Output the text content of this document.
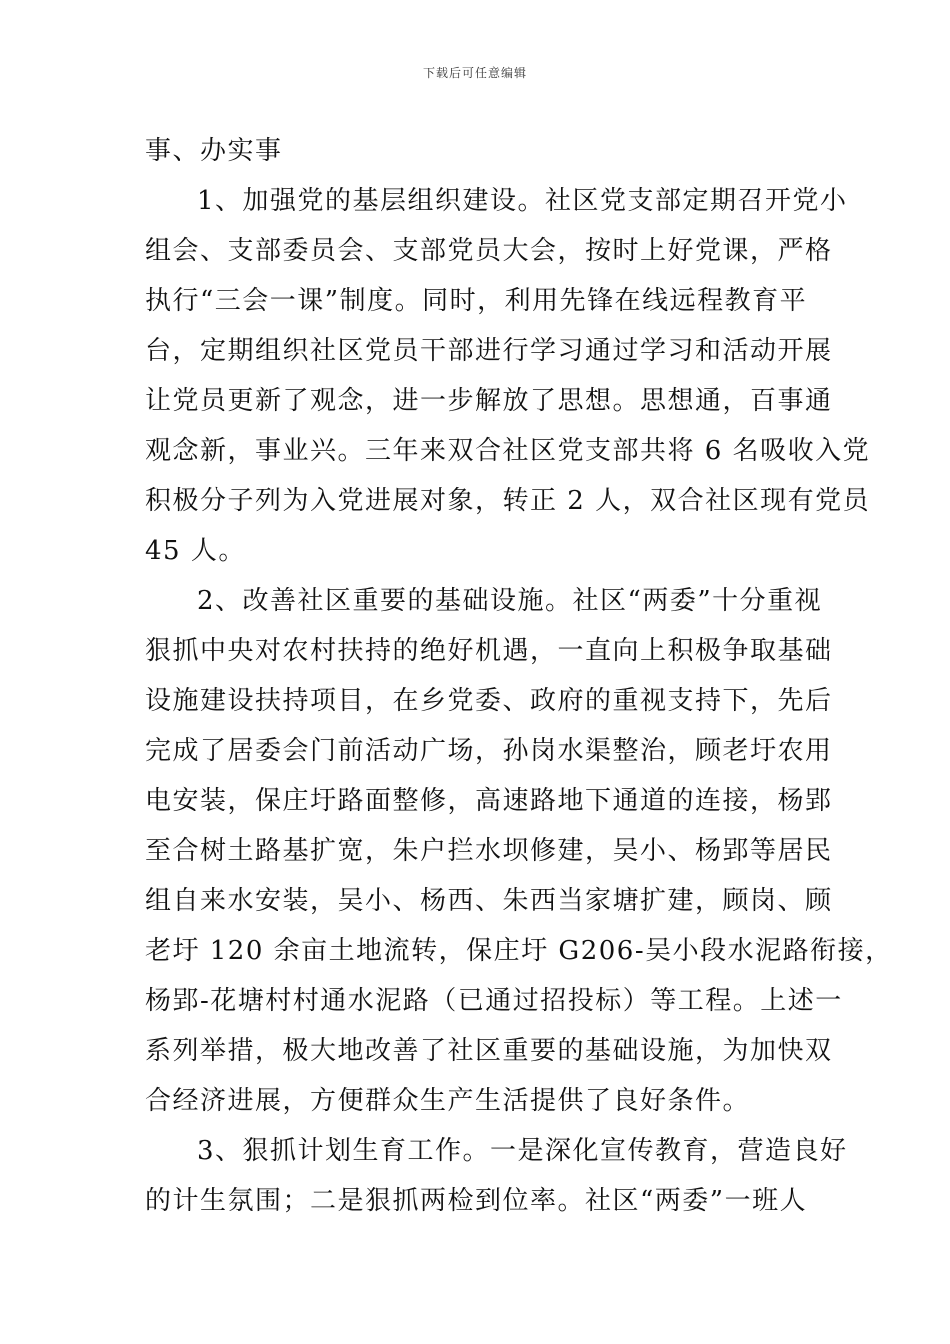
下载后可任意编辑
事、办实事
1、加强党的基层组织建设。社区党支部定期召开党小
组会、支部委员会、支部党员大会，按时上好党课，严格
执行“三会一课”制度。同时，利用先锋在线远程教育平
台，定期组织社区党员干部进行学习通过学习和活动开展
让党员更新了观念，进一步解放了思想。思想通，百事通
观念新，事业兴。三年来双合社区党支部共将 6 名吸收入党
积极分子列为入党进展对象，转正 2 人，双合社区现有党员
45 人。
2、改善社区重要的基础设施。社区“两委”十分重视
狠抓中央对农村扶持的绝好机遇，一直向上积极争取基础
设施建设扶持项目，在乡党委、政府的重视支持下，先后
完成了居委会门前活动广场，孙岗水渠整治，顾老圩农用
电安装，保庄圩路面整修，高速路地下通道的连接，杨郢
至合树土路基扩宽，朱户拦水坝修建，吴小、杨郢等居民
组自来水安装，吴小、杨西、朱西当家塘扩建，顾岗、顾
老圩 120 余亩土地流转，保庄圩 G206-吴小段水泥路衔接，
杨郢-花塘村村通水泥路（已通过招投标）等工程。上述一
系列举措，极大地改善了社区重要的基础设施，为加快双
合经济进展，方便群众生产生活提供了良好条件。
3、狠抓计划生育工作。一是深化宣传教育，营造良好
的计生氛围；二是狠抓两检到位率。社区“两委”一班人
